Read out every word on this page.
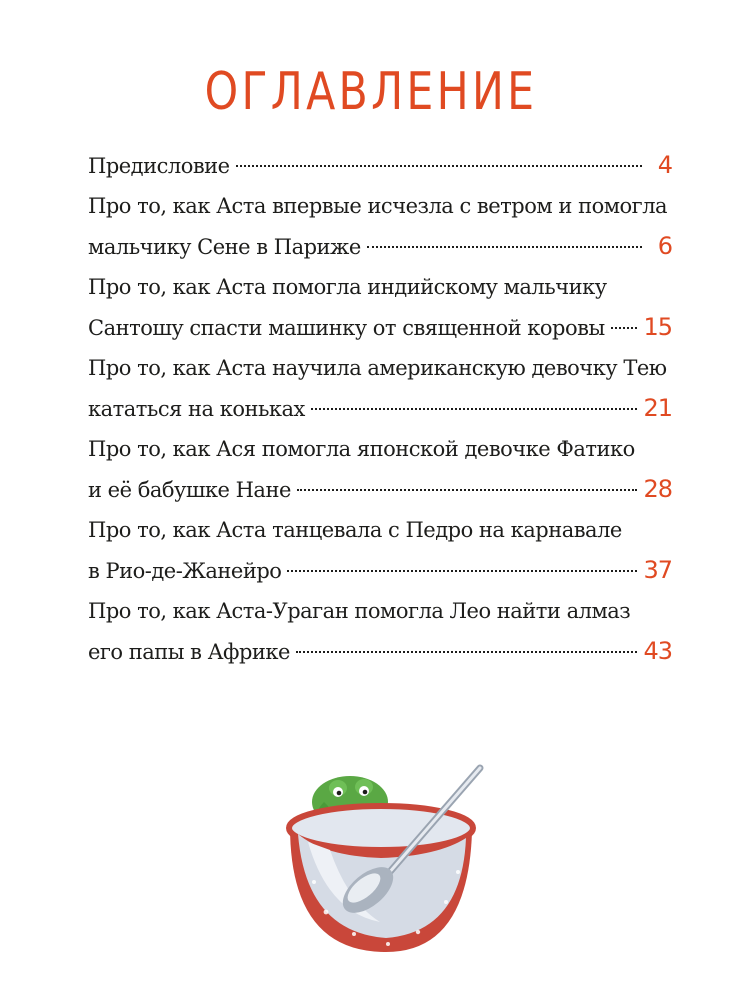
ОГЛАВЛЕНИЕ
Предисловие	4
Про то, как Аста впервые исчезла с ветром и помогла
мальчику Сене в Париже	6
Про то, как Аста помогла индийскому мальчику
Сантошу спасти машинку от священной коровы 15
Про то, как Аста научила американскую девочку Тею
кататься на коньках	21
Про то, как Ася помогла японской девочке Фатико
и её бабушке Нане	28
Про то, как Аста танцевала с Педро на карнавале
в Рио-де-Жанейро	37
Про то, как Аста-Ураган помогла Лео найти алмаз
его папы в Африке	43
